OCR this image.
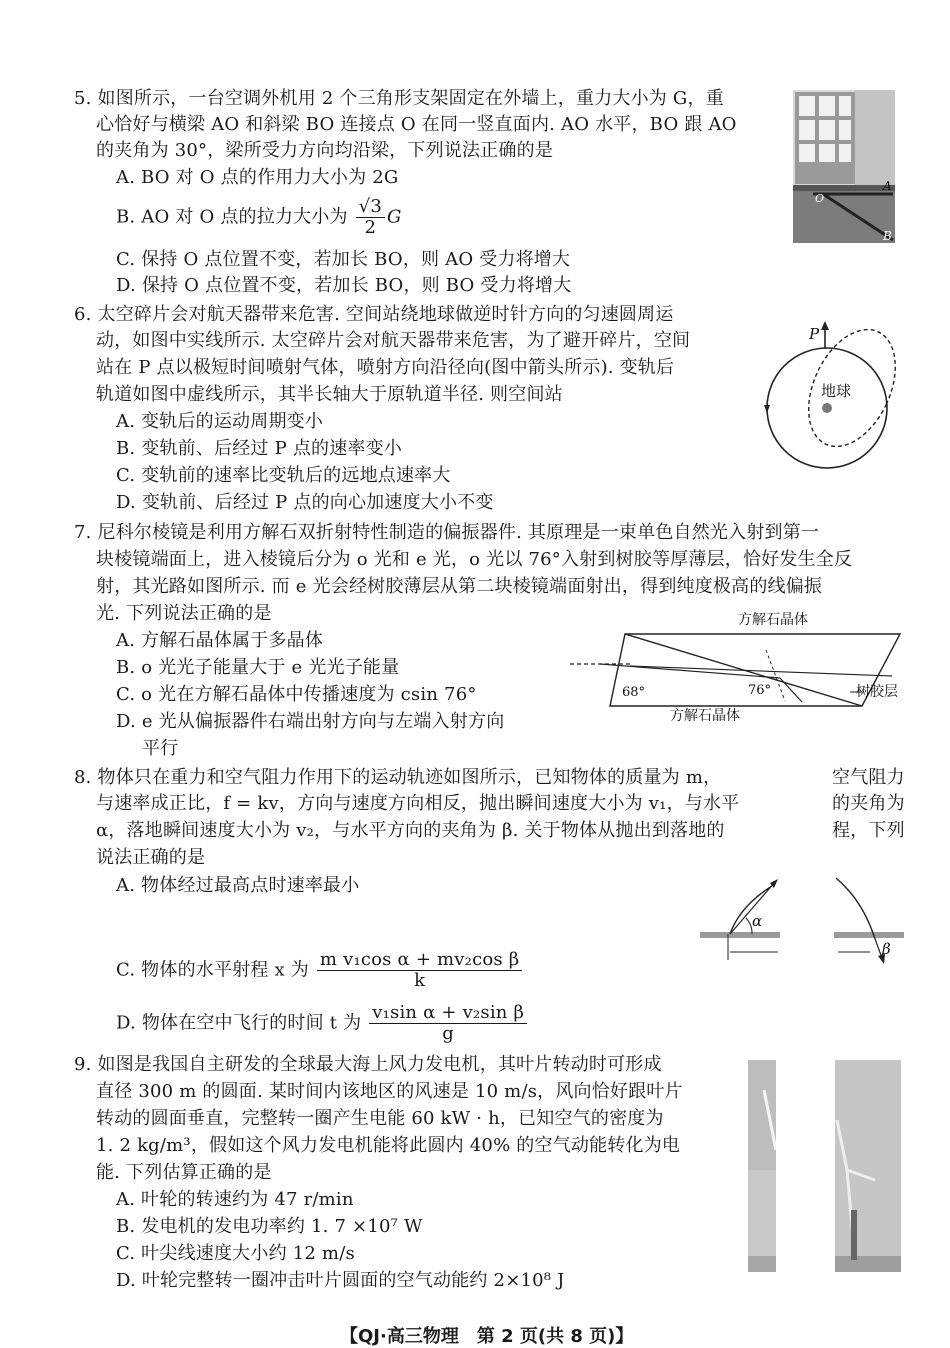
5. 如图所示，一台空调外机用 2 个三角形支架固定在外墙上，重力大小为 G，重
心恰好与横梁 AO 和斜梁 BO 连接点 O 在同一竖直面内. AO 水平，BO 跟 AO
的夹角为 30°，梁所受力方向均沿梁，下列说法正确的是
A. BO 对 O 点的作用力大小为 2G
B. AO 对 O 点的拉力大小为 $\frac{√3}{2}$ G
C. 保持 O 点位置不变，若加长 BO，则 AO 受力将增大
D. 保持 O 点位置不变，若加长 BO，则 BO 受力将增大
O
A
B
6. 太空碎片会对航天器带来危害. 空间站绕地球做逆时针方向的匀速圆周运
动，如图中实线所示. 太空碎片会对航天器带来危害，为了避开碎片，空间
站在 P 点以极短时间喷射气体，喷射方向沿径向(图中箭头所示). 变轨后
轨道如图中虚线所示，其半长轴大于原轨道半径. 则空间站
A. 变轨后的运动周期变小
B. 变轨前、后经过 P 点的速率变小
C. 变轨前的速率比变轨后的远地点速率大
D. 变轨前、后经过 P 点的向心加速度大小不变
P
地球
7. 尼科尔棱镜是利用方解石双折射特性制造的偏振器件. 其原理是一束单色自然光入射到第一
块棱镜端面上，进入棱镜后分为 o 光和 e 光，o 光以 76°入射到树胶等厚薄层，恰好发生全反
射，其光路如图所示. 而 e 光会经树胶薄层从第二块棱镜端面射出，得到纯度极高的线偏振
光. 下列说法正确的是
A. 方解石晶体属于多晶体
B. o 光光子能量大于 e 光光子能量
C. o 光在方解石晶体中传播速度为 csin 76°
D. e 光从偏振器件右端出射方向与左端入射方向
平行
方解石晶体
方解石晶体
树胶层
68°	76°
8. 物体只在重力和空气阻力作用下的运动轨迹如图所示，已知物体的质量为 m，	空气阻力
与速率成正比，f = kv，方向与速度方向相反，抛出瞬间速度大小为 v₁，与水平	的夹角为
α，落地瞬间速度大小为 v₂，与水平方向的夹角为 β. 关于物体从抛出到落地的	程，下列
说法正确的是
A. 物体经过最高点时速率最小
C. 物体的水平射程 x 为 $\frac{\text{m v₁cos α + mv₂cos β}}{k}$
D. 物体在空中飞行的时间 t 为 $\frac{\text{v₁sin α + v₂sin β}}{g}$
α
β
9. 如图是我国自主研发的全球最大海上风力发电机，其叶片转动时可形成
直径 300 m 的圆面. 某时间内该地区的风速是 10 m/s，风向恰好跟叶片
转动的圆面垂直，完整转一圈产生电能 60 kW · h，已知空气的密度为
1. 2 kg/m³，假如这个风力发电机能将此圆内 40% 的空气动能转化为电
能. 下列估算正确的是
A. 叶轮的转速约为 47 r/min
B. 发电机的发电功率约 1. 7 ×10⁷ W
C. 叶尖线速度大小约 12 m/s
D. 叶轮完整转一圈冲击叶片圆面的空气动能约 2×10⁸ J
【QJ·高三物理　第 2 页(共 8 页)】
